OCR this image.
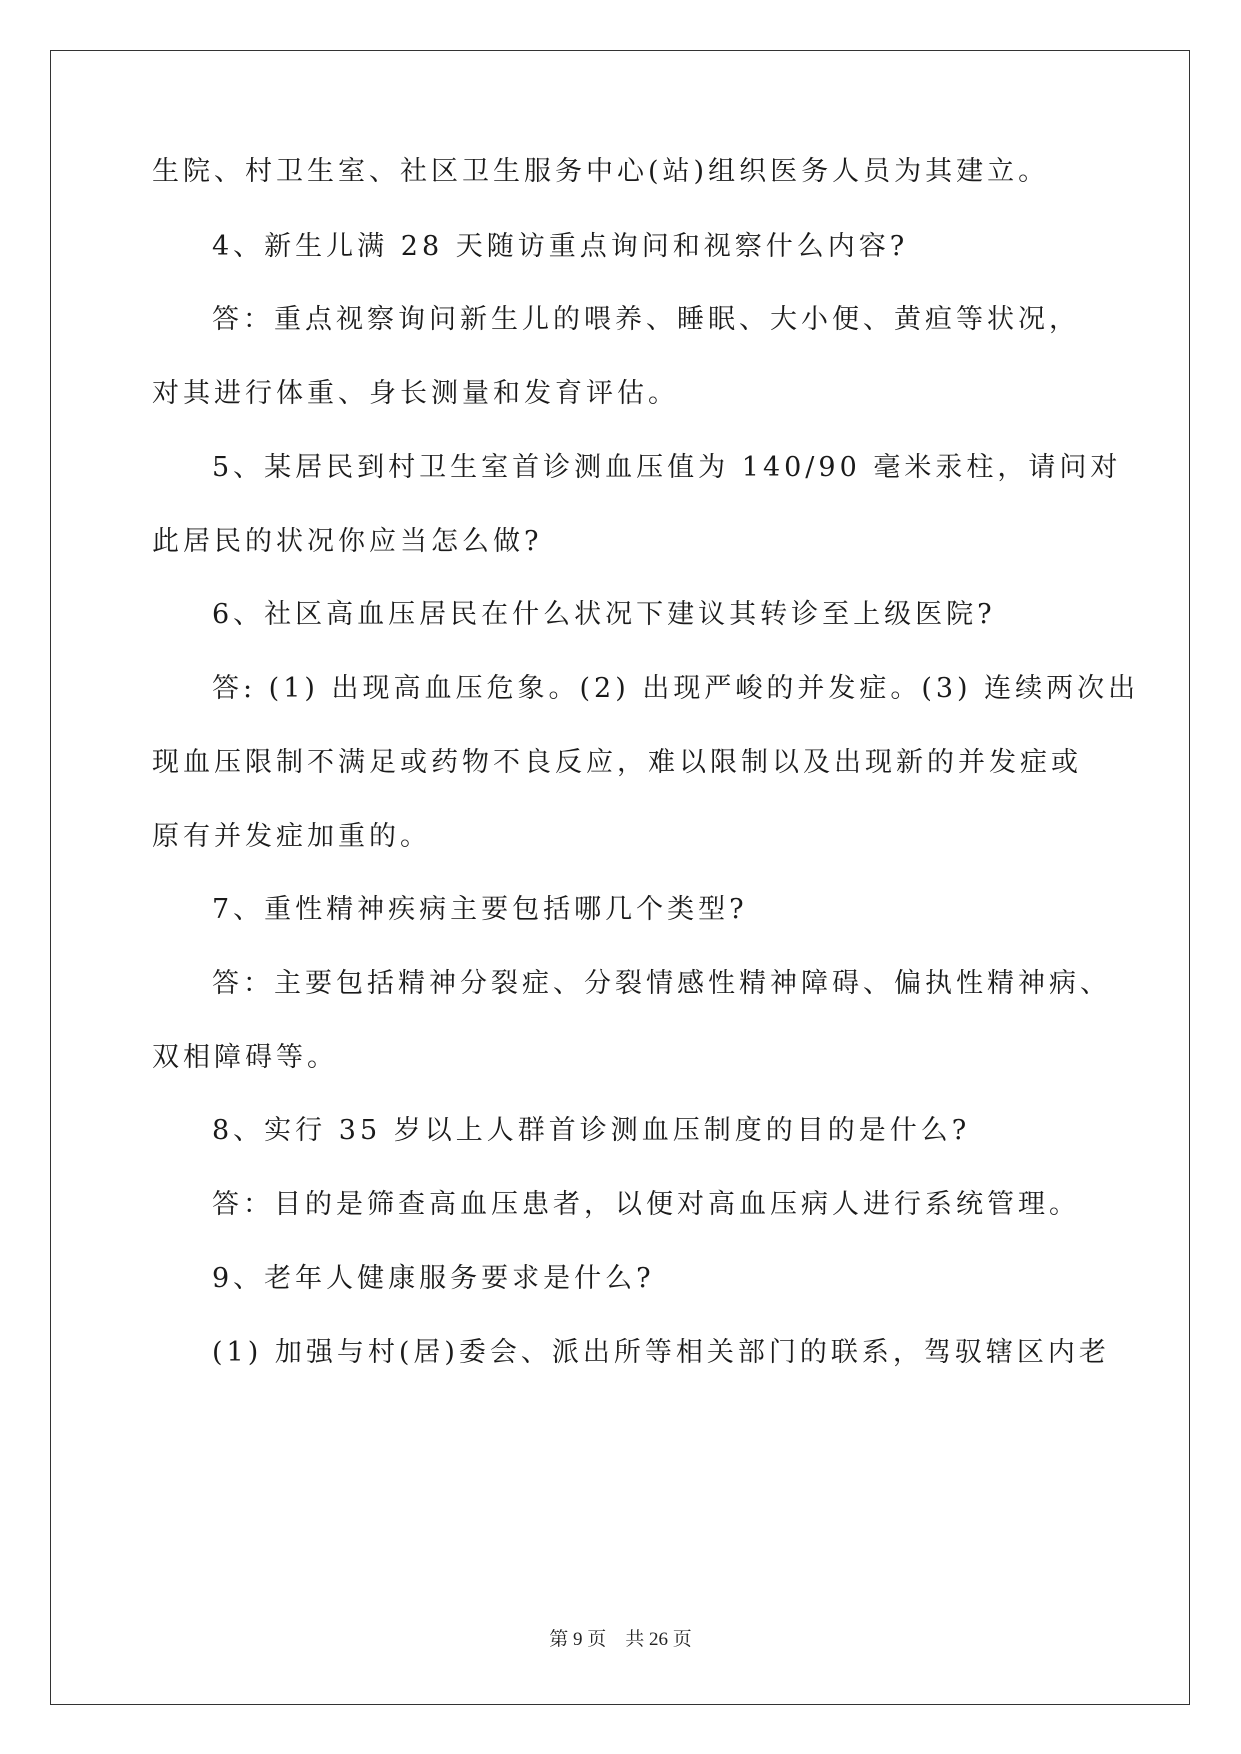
生院、村卫生室、社区卫生服务中心(站)组织医务人员为其建立。
4、新生儿满 28 天随访重点询问和视察什么内容?
答：重点视察询问新生儿的喂养、睡眠、大小便、黄疸等状况，
对其进行体重、身长测量和发育评估。
5、某居民到村卫生室首诊测血压值为 140/90 毫米汞柱，请问对
此居民的状况你应当怎么做?
6、社区高血压居民在什么状况下建议其转诊至上级医院?
答: (1) 出现高血压危象。(2) 出现严峻的并发症。(3) 连续两次出
现血压限制不满足或药物不良反应，难以限制以及出现新的并发症或
原有并发症加重的。
7、重性精神疾病主要包括哪几个类型?
答：主要包括精神分裂症、分裂情感性精神障碍、偏执性精神病、
双相障碍等。
8、实行 35 岁以上人群首诊测血压制度的目的是什么?
答：目的是筛查高血压患者，以便对高血压病人进行系统管理。
9、老年人健康服务要求是什么?
(1) 加强与村(居)委会、派出所等相关部门的联系，驾驭辖区内老
第 9 页　共 26 页
